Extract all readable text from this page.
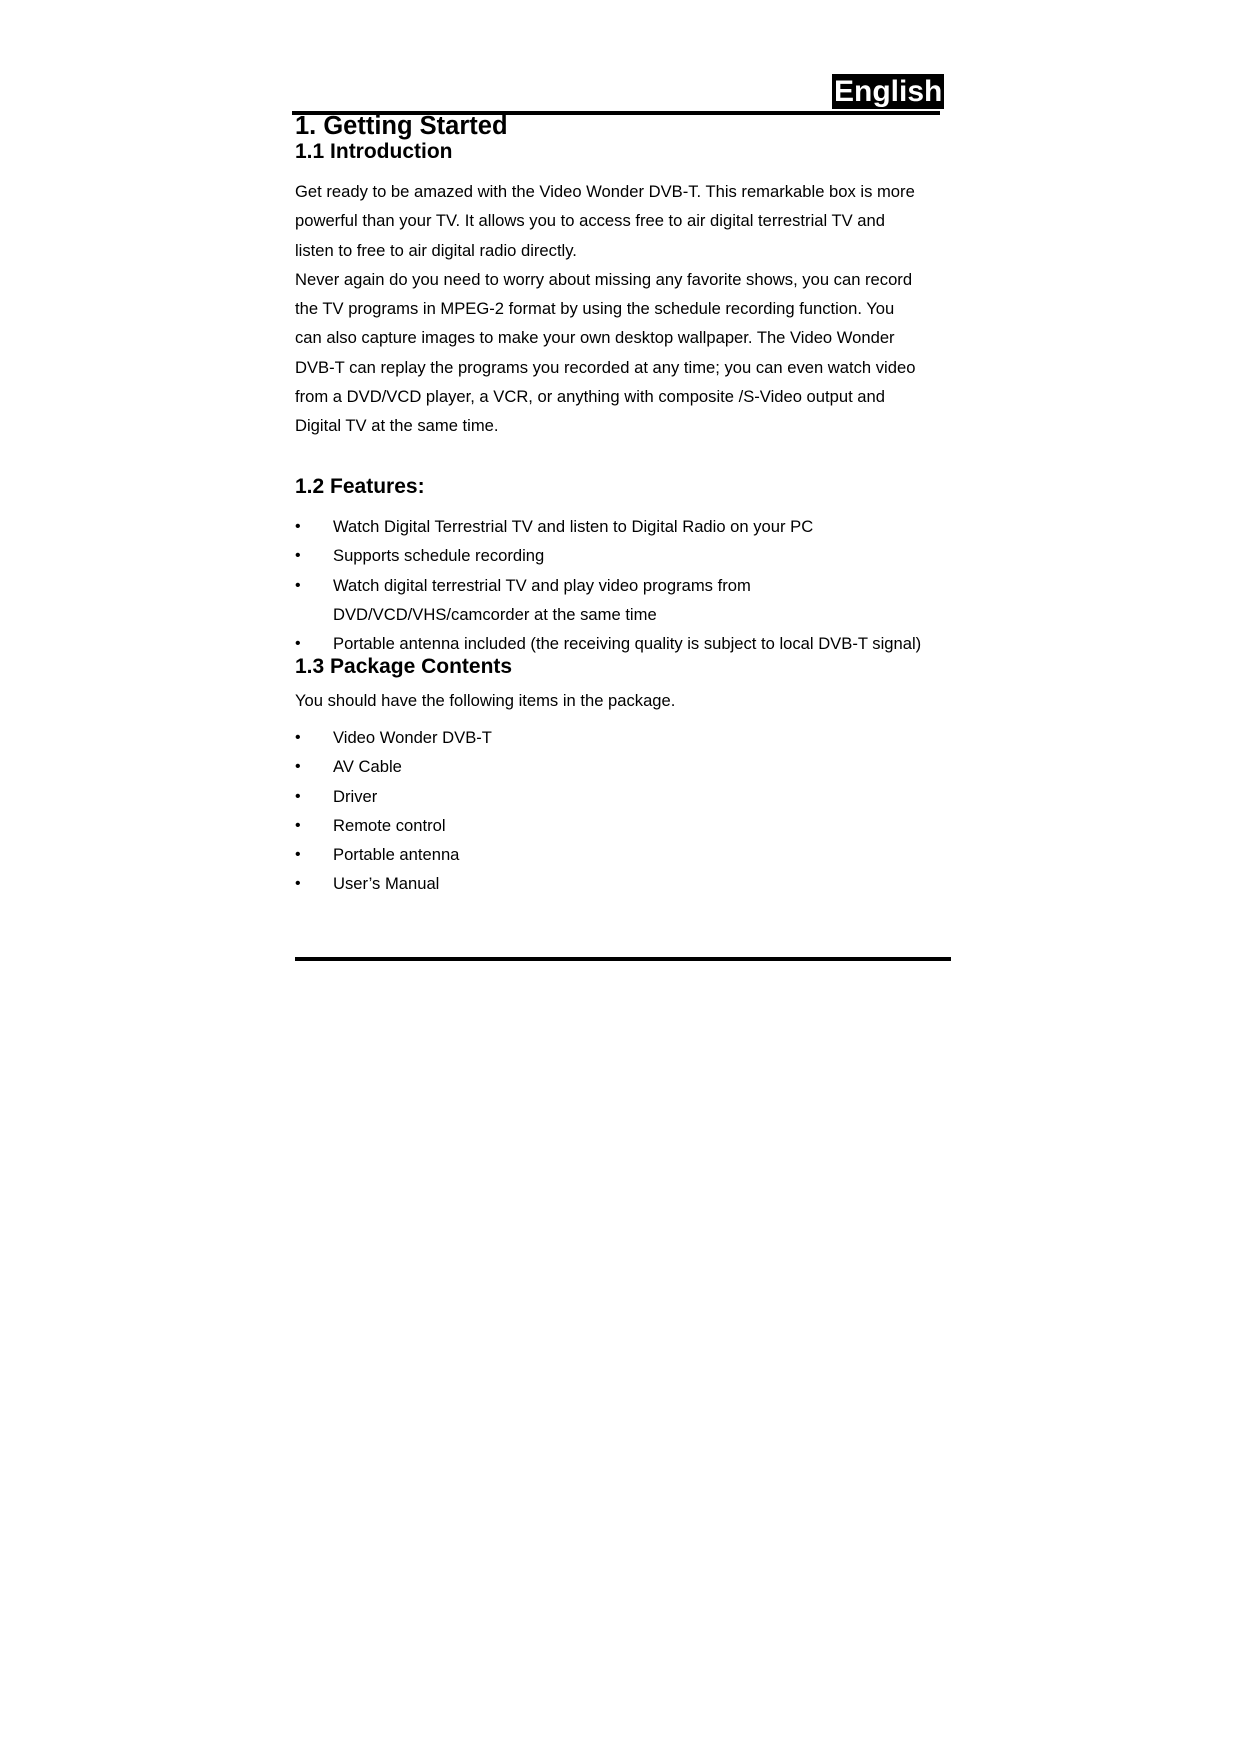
English
1. Getting Started
1.1 Introduction
Get ready to be amazed with the Video Wonder DVB-T. This remarkable box is more
powerful than your TV. It allows you to access free to air digital terrestrial TV and
listen to free to air digital radio directly.
Never again do you need to worry about missing any favorite shows, you can record
the TV programs in MPEG-2 format by using the schedule recording function. You
can also capture images to make your own desktop wallpaper. The Video Wonder
DVB-T can replay the programs you recorded at any time; you can even watch video
from a DVD/VCD player, a VCR, or anything with composite /S-Video output and
Digital TV at the same time.
1.2 Features:
• Watch Digital Terrestrial TV and listen to Digital Radio on your PC
• Supports schedule recording
• Watch digital terrestrial TV and play video programs from
DVD/VCD/VHS/camcorder at the same time
• Portable antenna included (the receiving quality is subject to local DVB-T signal)
1.3 Package Contents
You should have the following items in the package.
• Video Wonder DVB-T
• AV Cable
• Driver
• Remote control
• Portable antenna
• User’s Manual
